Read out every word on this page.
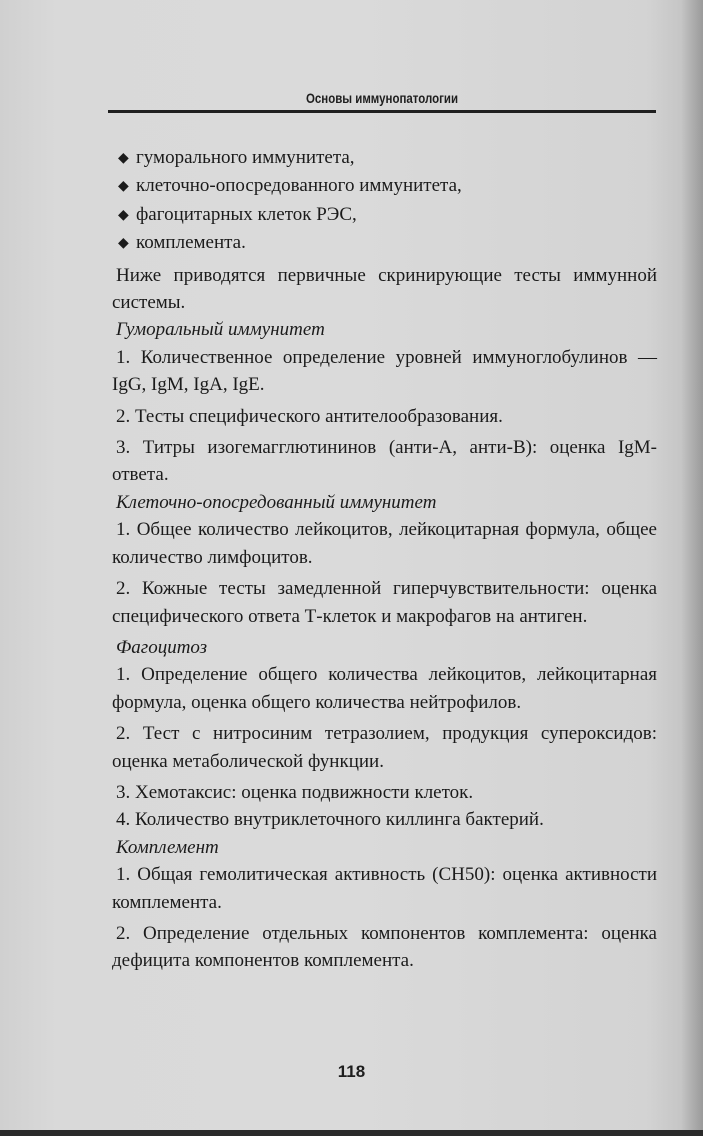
Основы иммунопатологии

◆ гуморального иммунитета,

◆ клеточно-опосредованного иммунитета,

◆ фагоцитарных клеток РЭС,

◆ комплемента.

Ниже приводятся первичные скринирующие тесты иммунной системы.

Гуморальный иммунитет

1. Количественное определение уровней иммуноглобулинов — IgG, IgM, IgA, IgE.

2. Тесты специфического антителообразования.

3. Титры изогемагглютининов (анти-А, анти-В): оценка IgM-ответа.

Клеточно-опосредованный иммунитет

1. Общее количество лейкоцитов, лейкоцитарная формула, общее количество лимфоцитов.

2. Кожные тесты замедленной гиперчувствительности: оценка специфического ответа Т-клеток и макрофагов на антиген.

Фагоцитоз

1. Определение общего количества лейкоцитов, лейкоцитарная формула, оценка общего количества нейтрофилов.

2. Тест с нитросиним тетразолием, продукция супероксидов: оценка метаболической функции.

3. Хемотаксис: оценка подвижности клеток.

4. Количество внутриклеточного киллинга бактерий.

Комплемент

1. Общая гемолитическая активность (CH50): оценка активности комплемента.

2. Определение отдельных компонентов комплемента: оценка дефицита компонентов комплемента.

118
